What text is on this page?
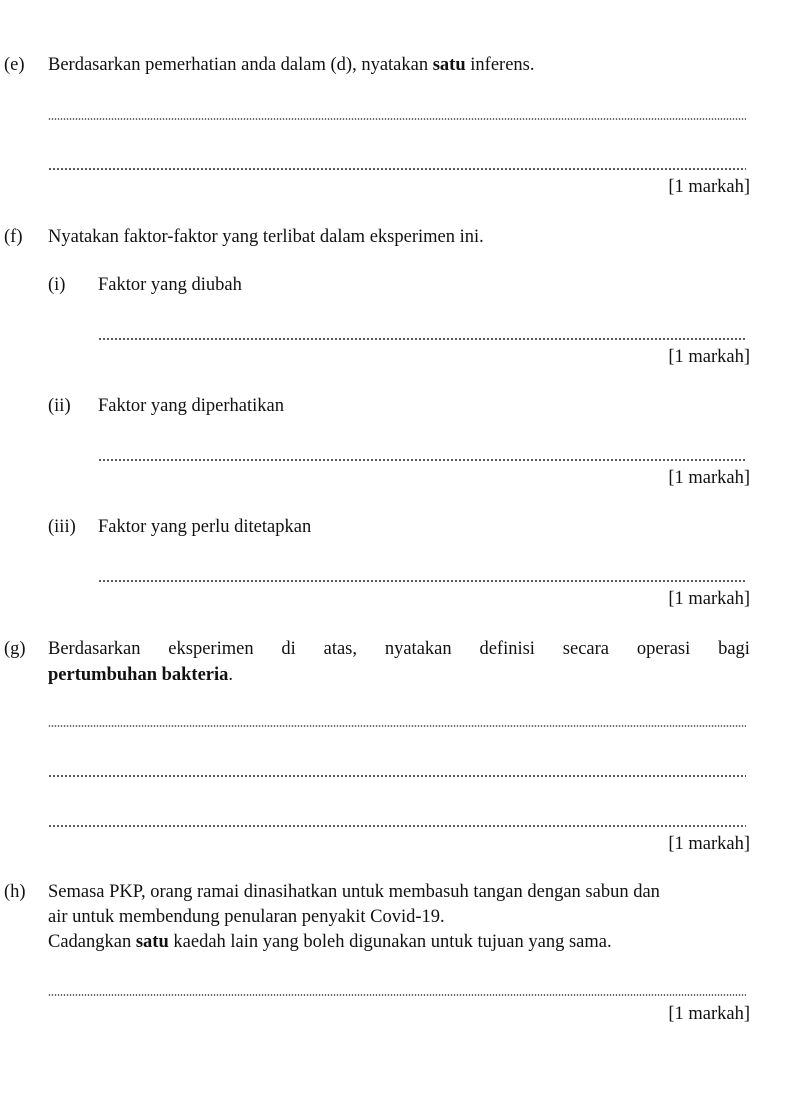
(e) Berdasarkan pemerhatian anda dalam (d), nyatakan satu inferens.
[1 markah]
(f) Nyatakan faktor-faktor yang terlibat dalam eksperimen ini.
(i) Faktor yang diubah
[1 markah]
(ii) Faktor yang diperhatikan
[1 markah]
(iii) Faktor yang perlu ditetapkan
[1 markah]
(g) Berdasarkan eksperimen di atas, nyatakan definisi secara operasi bagi
pertumbuhan bakteria.
[1 markah]
(h) Semasa PKP, orang ramai dinasihatkan untuk membasuh tangan dengan sabun dan
air untuk membendung penularan penyakit Covid-19.
Cadangkan satu kaedah lain yang boleh digunakan untuk tujuan yang sama.
[1 markah]
